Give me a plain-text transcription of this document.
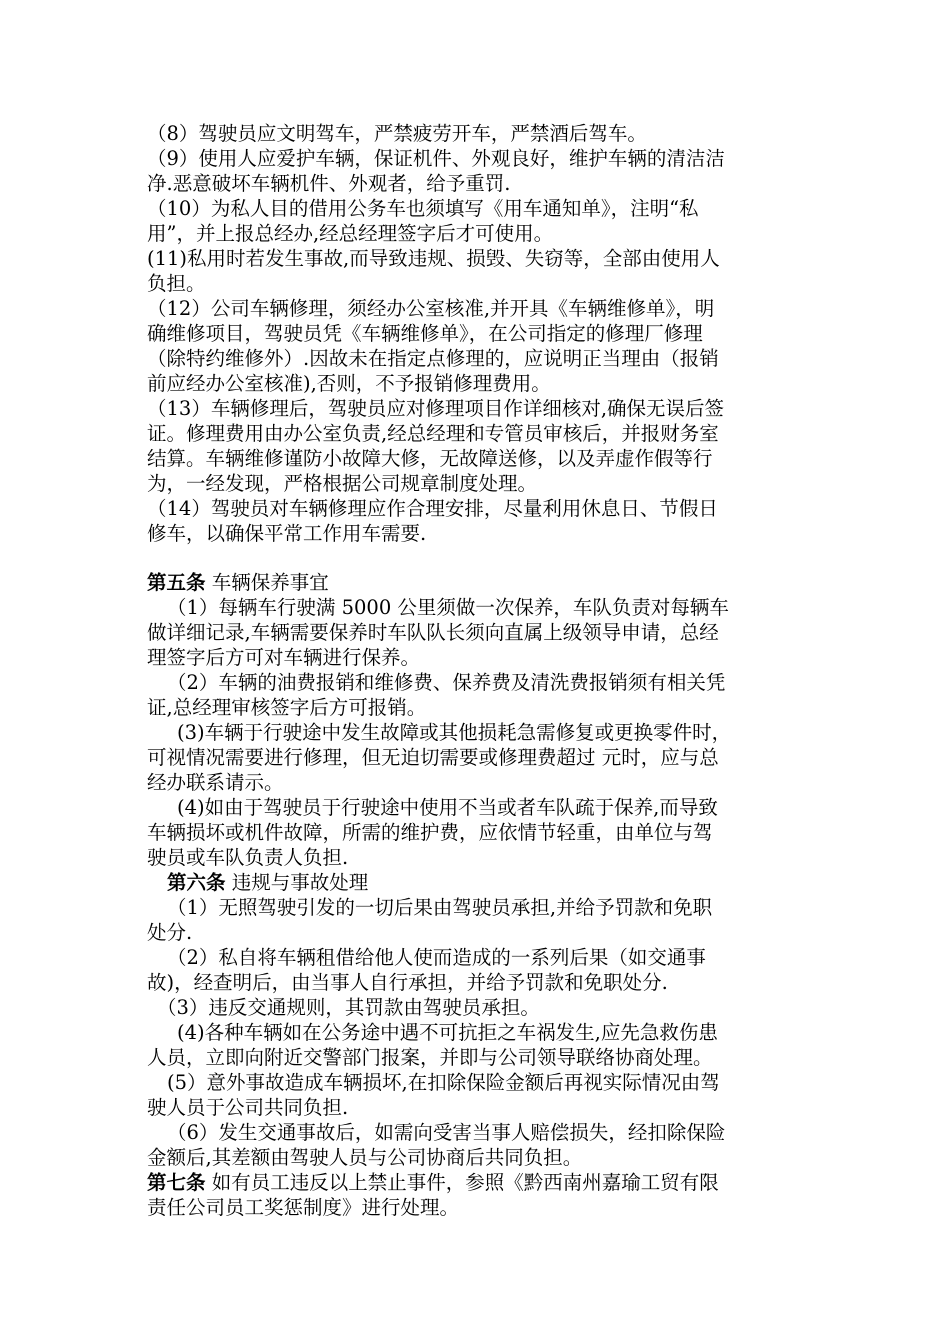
（8）驾驶员应文明驾车，严禁疲劳开车，严禁酒后驾车。
（9）使用人应爱护车辆，保证机件、外观良好，维护车辆的清洁洁
净.恶意破坏车辆机件、外观者，给予重罚.
（10）为私人目的借用公务车也须填写《用车通知单》，注明“私
用”，并上报总经办,经总经理签字后才可使用。
(11)私用时若发生事故,而导致违规、损毁、失窃等，全部由使用人
负担。
（12）公司车辆修理，须经办公室核准,并开具《车辆维修单》，明
确维修项目，驾驶员凭《车辆维修单》，在公司指定的修理厂修理
（除特约维修外）.因故未在指定点修理的，应说明正当理由（报销
前应经办公室核准),否则，不予报销修理费用。
（13）车辆修理后，驾驶员应对修理项目作详细核对,确保无误后签
证。修理费用由办公室负责,经总经理和专管员审核后，并报财务室
结算。车辆维修谨防小故障大修，无故障送修，以及弄虚作假等行
为，一经发现，严格根据公司规章制度处理。
（14）驾驶员对车辆修理应作合理安排，尽量利用休息日、节假日
修车，以确保平常工作用车需要.
第五条 车辆保养事宜
（1）每辆车行驶满 5000 公里须做一次保养，车队负责对每辆车
做详细记录,车辆需要保养时车队队长须向直属上级领导申请，总经
理签字后方可对车辆进行保养。
（2）车辆的油费报销和维修费、保养费及清洗费报销须有相关凭
证,总经理审核签字后方可报销。
(3)车辆于行驶途中发生故障或其他损耗急需修复或更换零件时，
可视情况需要进行修理，但无迫切需要或修理费超过 元时，应与总
经办联系请示。
(4)如由于驾驶员于行驶途中使用不当或者车队疏于保养,而导致
车辆损坏或机件故障，所需的维护费，应依情节轻重，由单位与驾
驶员或车队负责人负担.
第六条 违规与事故处理
（1）无照驾驶引发的一切后果由驾驶员承担,并给予罚款和免职
处分.
（2）私自将车辆租借给他人使而造成的一系列后果（如交通事
故)，经查明后，由当事人自行承担，并给予罚款和免职处分.
（3）违反交通规则，其罚款由驾驶员承担。
(4)各种车辆如在公务途中遇不可抗拒之车祸发生,应先急救伤患
人员，立即向附近交警部门报案，并即与公司领导联络协商处理。
(5）意外事故造成车辆损坏,在扣除保险金额后再视实际情况由驾
驶人员于公司共同负担.
（6）发生交通事故后，如需向受害当事人赔偿损失，经扣除保险
金额后,其差额由驾驶人员与公司协商后共同负担。
第七条 如有员工违反以上禁止事件，参照《黔西南州嘉瑜工贸有限
责任公司员工奖惩制度》进行处理。
